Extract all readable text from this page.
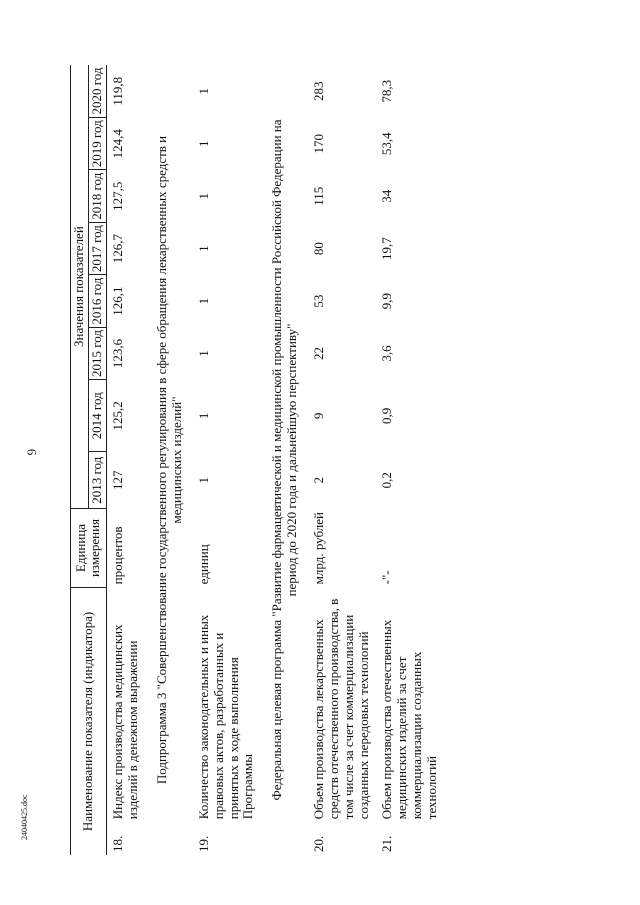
6
24040425.doc	Наименование показателя (индикатора)		Единица измерения	Значения показателей							
			2013 год	2014 год	2015 год	2016 год	2017 год	2018 год	2019 год	2020 год
18.	Индекс производства медицинских изделий в денежном выражении	процентов	127	125,2	123,6	126,1	126,7	127,5	124,4	119,8
Подпрограмма 3 "Совершенствование государственного регулирования в сфере обращения лекарственных средств и медицинских изделий"										
19.	Количество законодательных и иных правовых актов, разработанных и принятых в ходе выполнения Программы	единиц	1	1	1	1	1	1	1	1
Федеральная целевая программа "Развитие фармацевтической и медицинской промышленности Российской Федерации на период до 2020 года и дальнейшую перспективу"										
20.	Объем производства лекарственных средств отечественного производства, в том числе за счет коммерциализации созданных передовых технологий	млрд. рублей	2	9	22	53	80	115	170	283
21.	Объем производства отечественных медицинских изделий за счет коммерциализации созданных технологий	-"-	0,2	0,9	3,6	9,9	19,7	34	53,4	78,3
